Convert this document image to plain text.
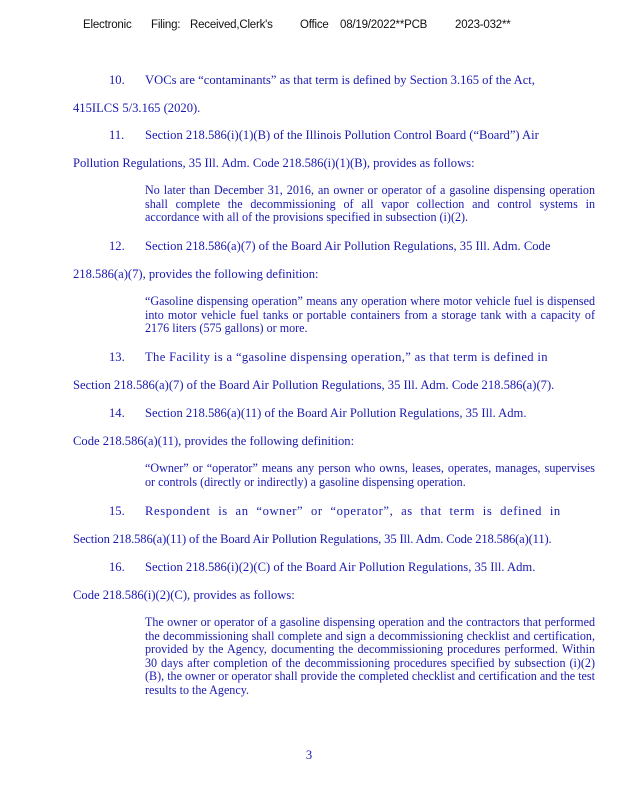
Electronic Filing: Received,Clerk's Office 08/19/2022**PCB 2023-032**
10. VOCs are “contaminants” as that term is defined by Section 3.165 of the Act,
415ILCS 5/3.165 (2020).
11. Section 218.586(i)(1)(B) of the Illinois Pollution Control Board (“Board”) Air
Pollution Regulations, 35 Ill. Adm. Code 218.586(i)(1)(B), provides as follows:
No later than December 31, 2016, an owner or operator of a gasoline dispensing operation shall complete the decommissioning of all vapor collection and control systems in accordance with all of the provisions specified in subsection (i)(2).
12. Section 218.586(a)(7) of the Board Air Pollution Regulations, 35 Ill. Adm. Code
218.586(a)(7), provides the following definition:
“Gasoline dispensing operation” means any operation where motor vehicle fuel is dispensed into motor vehicle fuel tanks or portable containers from a storage tank with a capacity of 2176 liters (575 gallons) or more.
13. The Facility is a “gasoline dispensing operation,” as that term is defined in
Section 218.586(a)(7) of the Board Air Pollution Regulations, 35 Ill. Adm. Code 218.586(a)(7).
14. Section 218.586(a)(11) of the Board Air Pollution Regulations, 35 Ill. Adm.
Code 218.586(a)(11), provides the following definition:
“Owner” or “operator” means any person who owns, leases, operates, manages, supervises or controls (directly or indirectly) a gasoline dispensing operation.
15. Respondent is an “owner” or “operator”, as that term is defined in
Section 218.586(a)(11) of the Board Air Pollution Regulations, 35 Ill. Adm. Code 218.586(a)(11).
16. Section 218.586(i)(2)(C) of the Board Air Pollution Regulations, 35 Ill. Adm.
Code 218.586(i)(2)(C), provides as follows:
The owner or operator of a gasoline dispensing operation and the contractors that performed the decommissioning shall complete and sign a decommissioning checklist and certification, provided by the Agency, documenting the decommissioning procedures performed. Within 30 days after completion of the decommissioning procedures specified by subsection (i)(2)(B), the owner or operator shall provide the completed checklist and certification and the test results to the Agency.
3
